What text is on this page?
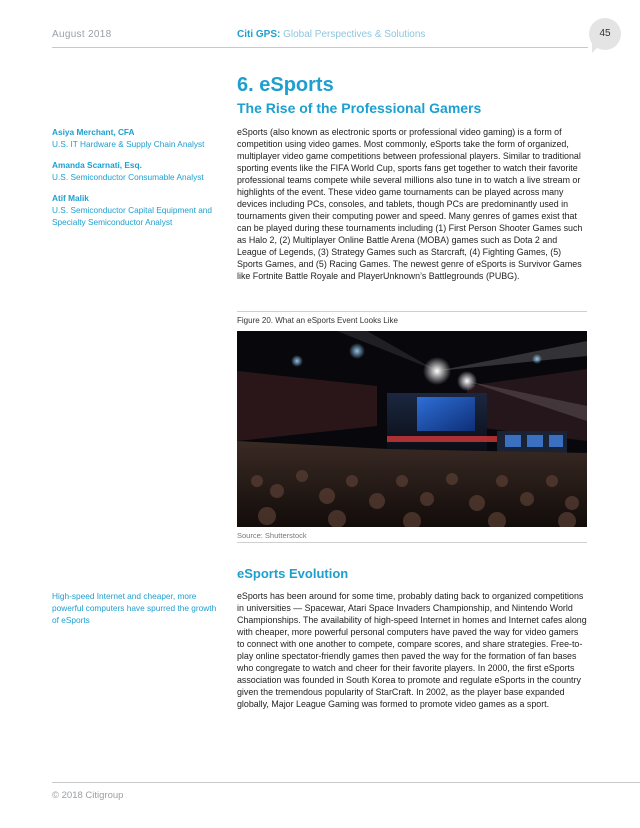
August 2018	Citi GPS: Global Perspectives & Solutions	45
6. eSports
The Rise of the Professional Gamers
Asiya Merchant, CFA
U.S. IT Hardware & Supply Chain Analyst
Amanda Scarnati, Esq.
U.S. Semiconductor Consumable Analyst
Atif Malik
U.S. Semiconductor Capital Equipment and Specialty Semiconductor Analyst

eSports (also known as electronic sports or professional video gaming) is a form of competition using video games. Most commonly, eSports take the form of organized, multiplayer video game competitions between professional players. Similar to traditional sporting events like the FIFA World Cup, sports fans get together to watch their favorite professional teams compete while several millions also tune in to watch a live stream or highlights of the event. These video game tournaments can be played across many devices including PCs, consoles, and tablets, though PCs are predominantly used in tournaments given their computing power and speed. Many genres of games exist that can be played during these tournaments including (1) First Person Shooter Games such as Halo 2, (2) Multiplayer Online Battle Arena (MOBA) games such as Dota 2 and League of Legends, (3) Strategy Games such as Starcraft, (4) Fighting Games, (5) Sports Games, and (5) Racing Games. The newest genre of eSports is Survivor Games like Fortnite Battle Royale and PlayerUnknown’s Battlegrounds (PUBG).

Figure 20. What an eSports Event Looks Like
Source: Shutterstock
eSports Evolution
High-speed Internet and cheaper, more powerful computers have spurred the growth of eSports

eSports has been around for some time, probably dating back to organized competitions in universities — Spacewar, Atari Space Invaders Championship, and Nintendo World Championships. The availability of high-speed Internet in homes and Internet cafes along with cheaper, more powerful personal computers have paved the way for video gamers to connect with one another to compete, compare scores, and share strategies. Free-to-play online spectator-friendly games then paved the way for the formation of fan bases who congregate to watch and cheer for their favorite players. In 2000, the first eSports association was founded in South Korea to promote and regulate eSports in the country given the tremendous popularity of StarCraft. In 2002, as the player base expanded globally, Major League Gaming was formed to promote video games as a sport.

© 2018 Citigroup
